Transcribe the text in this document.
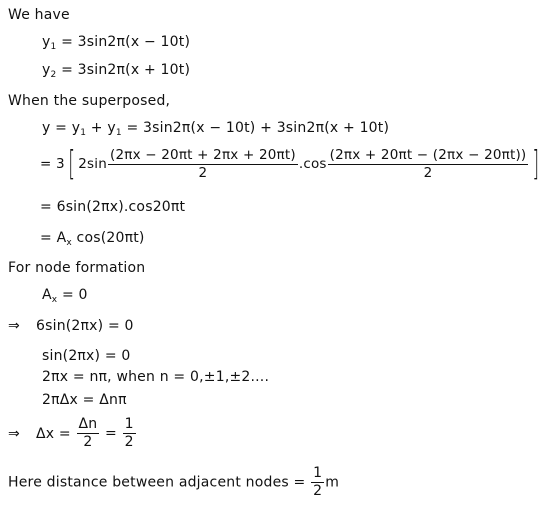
We have
$y_1 = 3\sin 2\pi(x - 10t)$
$y_2 = 3\sin 2\pi(x + 10t)$
When the superposed,
$y = y_1 + y_1 = 3\sin 2\pi(x - 10t) + 3\sin 2\pi(x + 10t)$
= 3[ $2\sin \frac{(2\pi x - 20\pi t + 2\pi x + 20\pi t)}{2} .\cos \frac{(2\pi x + 20\pi t - (2\pi x - 20\pi t))}{2}$ ]
= 6sin(2πx).cos20πt
= $A_x$ cos(20πt)
For node formation
$A_x = 0$
⇒ 6sin(2πx) = 0
sin(2πx) = 0
2πx = nπ, when n = 0,±1,±2....
2πΔx = Δnπ
⇒ $\Delta x = \frac{\Delta n}{2} = \frac{1}{2}$
Here distance between adjacent nodes = $\frac{1}{2}$ m
